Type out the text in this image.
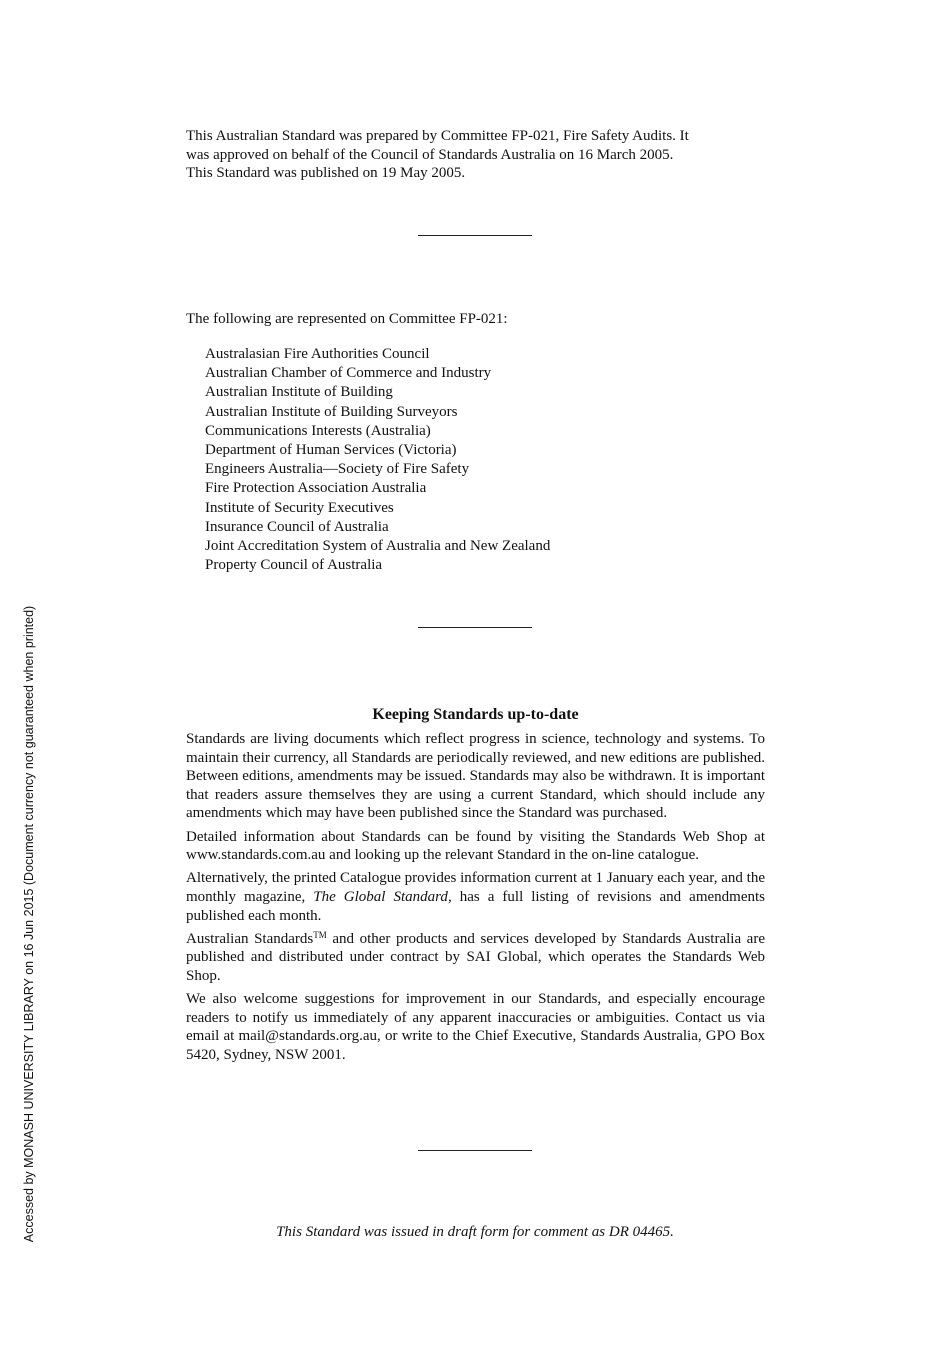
This Australian Standard was prepared by Committee FP-021, Fire Safety Audits. It
was approved on behalf of the Council of Standards Australia on 16 March 2005.
This Standard was published on 19 May 2005.
The following are represented on Committee FP-021:
Australasian Fire Authorities Council
Australian Chamber of Commerce and Industry
Australian Institute of Building
Australian Institute of Building Surveyors
Communications Interests (Australia)
Department of Human Services (Victoria)
Engineers Australia—Society of Fire Safety
Fire Protection Association Australia
Institute of Security Executives
Insurance Council of Australia
Joint Accreditation System of Australia and New Zealand
Property Council of Australia
Keeping Standards up-to-date

Standards are living documents which reflect progress in science, technology and systems. To maintain their currency, all Standards are periodically reviewed, and new editions are published. Between editions, amendments may be issued. Standards may also be withdrawn. It is important that readers assure themselves they are using a current Standard, which should include any amendments which may have been published since the Standard was purchased.

Detailed information about Standards can be found by visiting the Standards Web Shop at www.standards.com.au and looking up the relevant Standard in the on-line catalogue.

Alternatively, the printed Catalogue provides information current at 1 January each year, and the monthly magazine, The Global Standard, has a full listing of revisions and amendments published each month.

Australian Standards™ and other products and services developed by Standards Australia are published and distributed under contract by SAI Global, which operates the Standards Web Shop.

We also welcome suggestions for improvement in our Standards, and especially encourage readers to notify us immediately of any apparent inaccuracies or ambiguities. Contact us via email at mail@standards.org.au, or write to the Chief Executive, Standards Australia, GPO Box 5420, Sydney, NSW 2001.

This Standard was issued in draft form for comment as DR 04465.
Accessed by MONASH UNIVERSITY LIBRARY on 16 Jun 2015 (Document currency not guaranteed when printed)
